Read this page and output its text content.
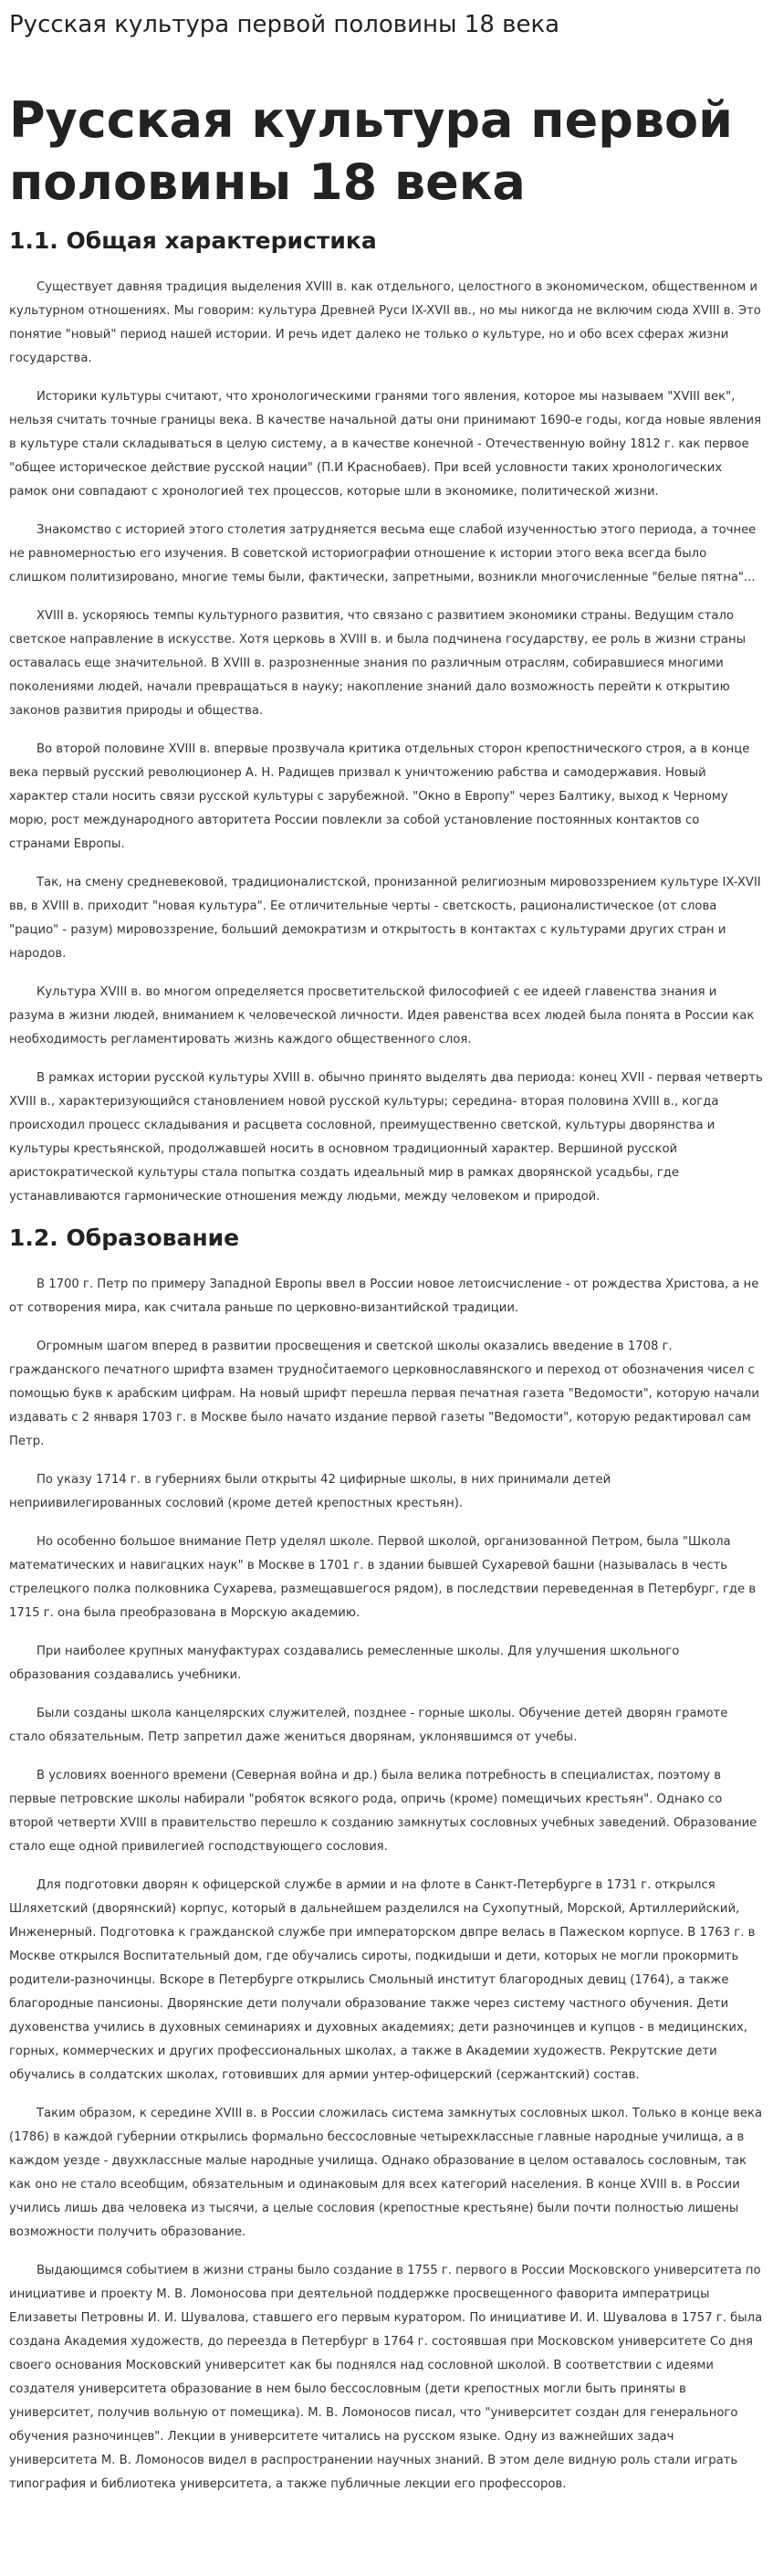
Русская культура первой половины 18 века
Русская культура первой половины 18 века
1.1. Общая характеристика

Существует давняя традиция выделения XVIII в. как отдельного, целостного в экономическом, общественном и культурном отношениях. Мы говорим: культура Древней Руси IX-XVII вв., но мы никогда не включим сюда XVIII в. Это понятие "новый" период нашей истории. И речь идет далеко не только о культуре, но и обо всех сферах жизни государства.

Историки культуры считают, что хронологическими гранями того явления, которое мы называем "XVIII век", нельзя считать точные границы века. В качестве начальной даты они принимают 1690-е годы, когда новые явления в культуре стали складываться в целую систему, а в качестве конечной - Отечественную войну 1812 г. как первое "общее историческое действие русской нации" (П.И Краснобаев). При всей условности таких хронологических рамок они совпадают с хронологией тех процессов, которые шли в экономике, политической жизни.

Знакомство с историей этого столетия затрудняется весьма еще слабой изученностью этого периода, а точнее не равномерностью его изучения. В советской историографии отношение к истории этого века всегда было слишком политизировано, многие темы были, фактически, запретными, возникли многочисленные "белые пятна"...

XVIII в. ускоряюсь темпы культурного развития, что связано с развитием экономики страны. Ведущим стало светское направление в искусстве. Хотя церковь в XVIII в. и была подчинена государству, ее роль в жизни страны оставалась еще значительной. В XVIII в. разрозненные знания по различным отраслям, собиравшиеся многими поколениями людей, начали превращаться в науку; накопление знаний дало возможность перейти к открытию законов развития природы и общества.

Во второй половине XVIII в. впервые прозвучала критика отдельных сторон крепостнического строя, а в конце века первый русский революционер А. Н. Радищев призвал к уничтожению рабства и самодержавия. Новый характер стали носить связи русской культуры с зарубежной. "Окно в Европу" через Балтику, выход к Черному морю, рост международного авторитета России повлекли за собой установление постоянных контактов со странами Европы.

Так, на смену средневековой, традиционалистской, пронизанной религиозным мировоззрением культуре IX-XVII вв, в XVIII в. приходит "новая культура". Ее отличительные черты - светскость, рационалистическое (от слова "рацио" - разум) мировоззрение, больший демократизм и открытость в контактах с культурами других стран и народов.

Культура XVIII в. во многом определяется просветительской философией с ее идеей главенства знания и разума в жизни людей, вниманием к человеческой личности. Идея равенства всех людей была понята в России как необходимость регламентировать жизнь каждого общественного слоя.

В рамках истории русской культуры XVIII в. обычно принято выделять два периода: конец XVII - первая четверть XVIII в., характеризующийся становлением новой русской культуры; середина- вторая половина XVIII в., когда происходил процесс складывания и расцвета сословной, преимущественно светской, культуры дворянства и культуры крестьянской, продолжавшей носить в основном традиционный характер. Вершиной русской аристократической культуры стала попытка создать идеальный мир в рамках дворянской усадьбы, где устанавливаются гармонические отношения между людьми, между человеком и природой.

1.2. Образование

В 1700 г. Петр по примеру Западной Европы ввел в России новое летоисчисление - от рождества Христова, а не от сотворения мира, как считала раньше по церковно-византийской традиции.

Огромным шагом вперед в развитии просвещения и светской школы оказались введение в 1708 г. гражданского печатного шрифта взамен труднočитаемого церковнославянского и переход от обозначения чисел с помощью букв к арабским цифрам. На новый шрифт перешла первая печатная газета "Ведомости", которую начали издавать с 2 января 1703 г. в Москве было начато издание первой газеты "Ведомости", которую редактировал сам Петр.

По указу 1714 г. в губерниях были открыты 42 цифирные школы, в них принимали детей неприивилегированных сословий (кроме детей крепостных крестьян).

Но особенно большое внимание Петр уделял школе. Первой школой, организованной Петром, была "Школа математических и навигацких наук" в Москве в 1701 г. в здании бывшей Сухаревой башни (называлась в честь стрелецкого полка полковника Сухарева, размещавшегося рядом), в последствии переведенная в Петербург, где в 1715 г. она была преобразована в Морскую академию.

При наиболее крупных мануфактурах создавались ремесленные школы. Для улучшения школьного образования создавались учебники.

Были созданы школа канцелярских служителей, позднее - горные школы. Обучение детей дворян грамоте стало обязательным. Петр запретил даже жениться дворянам, уклонявшимся от учебы.

В условиях военного времени (Северная война и др.) была велика потребность в специалистах, поэтому в первые петровские школы набирали "робяток всякого рода, опричь (кроме) помещичьих крестьян". Однако со второй четверти XVIII в правительство перешло к созданию замкнутых сословных учебных заведений. Образование стало еще одной привилегией господствующего сословия.

Для подготовки дворян к офицерской службе в армии и на флоте в Санкт-Петербурге в 1731 г. открылся Шляхетский (дворянский) корпус, который в дальнейшем разделился на Сухопутный, Морской, Артиллерийский, Инженерный. Подготовка к гражданской службе при императорском двпре велась в Пажеском корпусе. В 1763 г. в Москве открылся Воспитательный дом, где обучались сироты, подкидыши и дети, которых не могли прокормить родители-разночинцы. Вскоре в Петербурге открылись Смольный институт благородных девиц (1764), а также благородные пансионы. Дворянские дети получали образование также через систему частного обучения. Дети духовенства учились в духовных семинариях и духовных академиях; дети разночинцев и купцов - в медицинских, горных, коммерческих и других профессиональных школах, а также в Академии художеств. Рекрутские дети обучались в солдатских школах, готовивших для армии унтер-офицерский (сержантский) состав.

Таким образом, к середине XVIII в. в России сложилась система замкнутых сословных школ. Только в конце века (1786) в каждой губернии открылись формально бессословные четырехклассные главные народные училища, а в каждом уезде - двухклассные малые народные училища. Однако образование в целом оставалось сословным, так как оно не стало всеобщим, обязательным и одинаковым для всех категорий населения. В конце XVIII в. в России учились лишь два человека из тысячи, а целые сословия (крепостные крестьяне) были почти полностью лишены возможности получить образование.

Выдающимся событием в жизни страны было создание в 1755 г. первого в России Московского университета по инициативе и проекту М. В. Ломоносова при деятельной поддержке просвещенного фаворита императрицы Елизаветы Петровны И. И. Шувалова, ставшего его первым куратором. По инициативе И. И. Шувалова в 1757 г. была создана Академия художеств, до переезда в Петербург в 1764 г. состоявшая при Московском университете Со дня своего основания Московский университет как бы поднялся над сословной школой. В соответствии с идеями создателя университета образование в нем было бессословным (дети крепостных могли быть приняты в университет, получив вольную от помещика). М. В. Ломоносов писал, что "университет создан для генерального обучения разночинцев". Лекции в университете читались на русском языке. Одну из важнейших задач университета М. В. Ломоносов видел в распространении научных знаний. В этом деле видную роль стали играть типография и библиотека университета, а также публичные лекции его профессоров.
